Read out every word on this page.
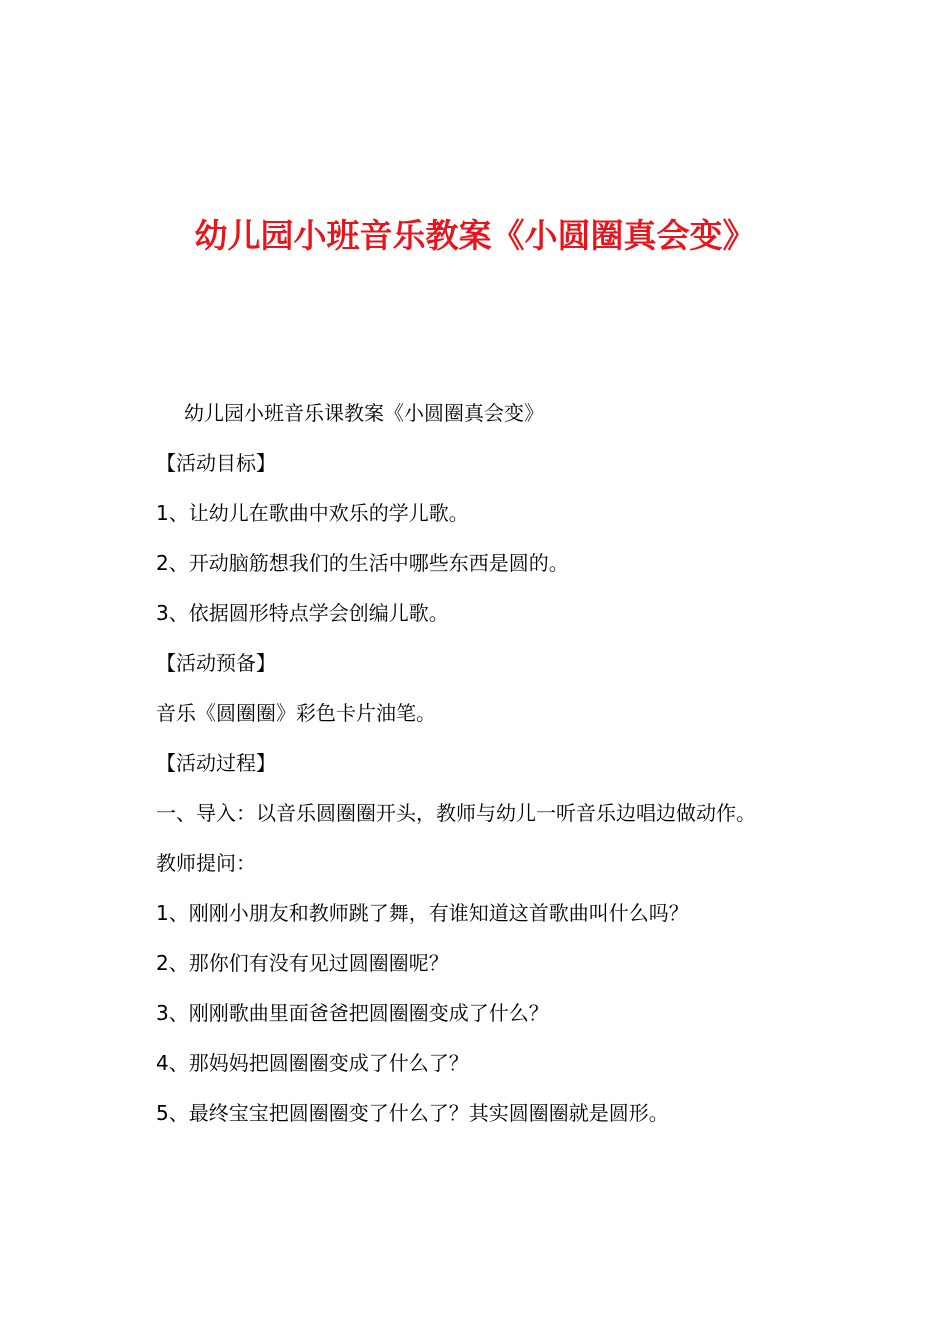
幼儿园小班音乐教案《小圆圈真会变》
幼儿园小班音乐课教案《小圆圈真会变》
【活动目标】
1、让幼儿在歌曲中欢乐的学儿歌。
2、开动脑筋想我们的生活中哪些东西是圆的。
3、依据圆形特点学会创编儿歌。
【活动预备】
音乐《圆圈圈》彩色卡片油笔。
【活动过程】
一、导入：以音乐圆圈圈开头，教师与幼儿一听音乐边唱边做动作。
教师提问：
1、刚刚小朋友和教师跳了舞，有谁知道这首歌曲叫什么吗？
2、那你们有没有见过圆圈圈呢？
3、刚刚歌曲里面爸爸把圆圈圈变成了什么？
4、那妈妈把圆圈圈变成了什么了？
5、最终宝宝把圆圈圈变了什么了？其实圆圈圈就是圆形。
